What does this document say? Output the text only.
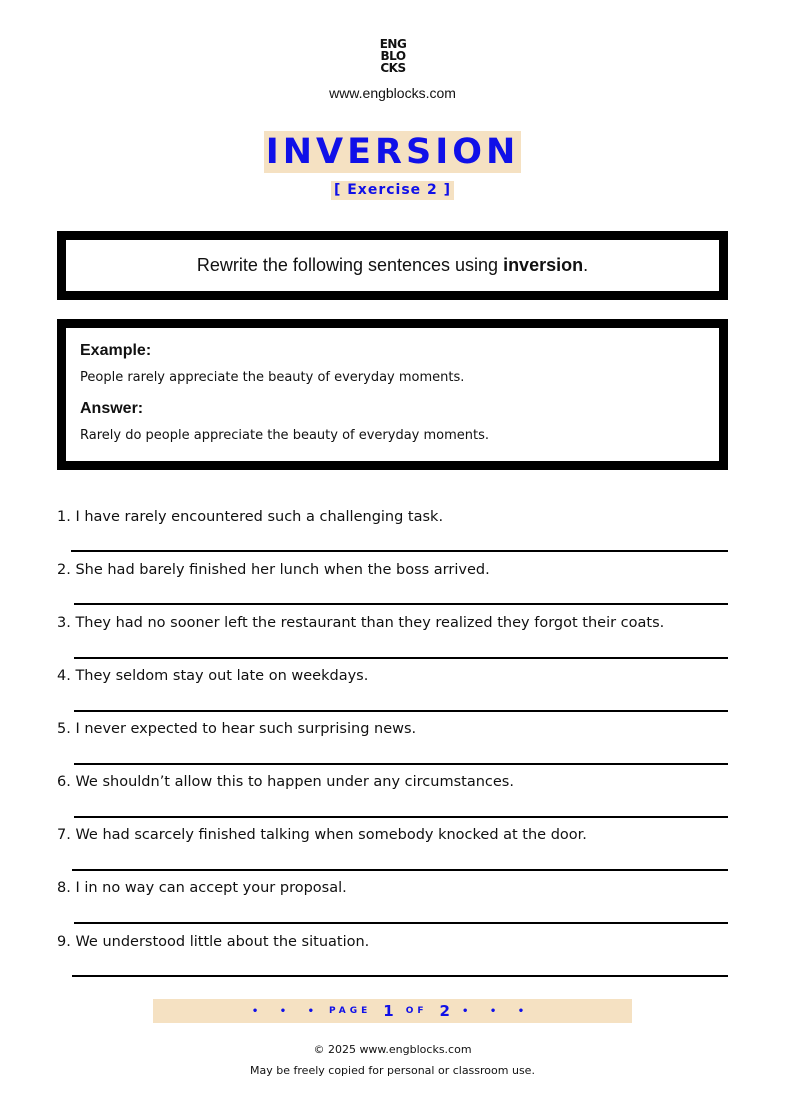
ENG
BLO
CKS
www.engblocks.com
INVERSION
[ Exercise 2 ]
Rewrite the following sentences using inversion.
Example:
People rarely appreciate the beauty of everyday moments.
Answer:
Rarely do people appreciate the beauty of everyday moments.
1. I have rarely encountered such a challenging task.
2. She had barely finished her lunch when the boss arrived.
3. They had no sooner left the restaurant than they realized they forgot their coats.
4. They seldom stay out late on weekdays.
5. I never expected to hear such surprising news.
6. We shouldn’t allow this to happen under any circumstances.
7. We had scarcely finished talking when somebody knocked at the door.
8. I in no way can accept your proposal.
9. We understood little about the situation.
• • • PAGE 1 OF 2 • • •
© 2025 www.engblocks.com
May be freely copied for personal or classroom use.
